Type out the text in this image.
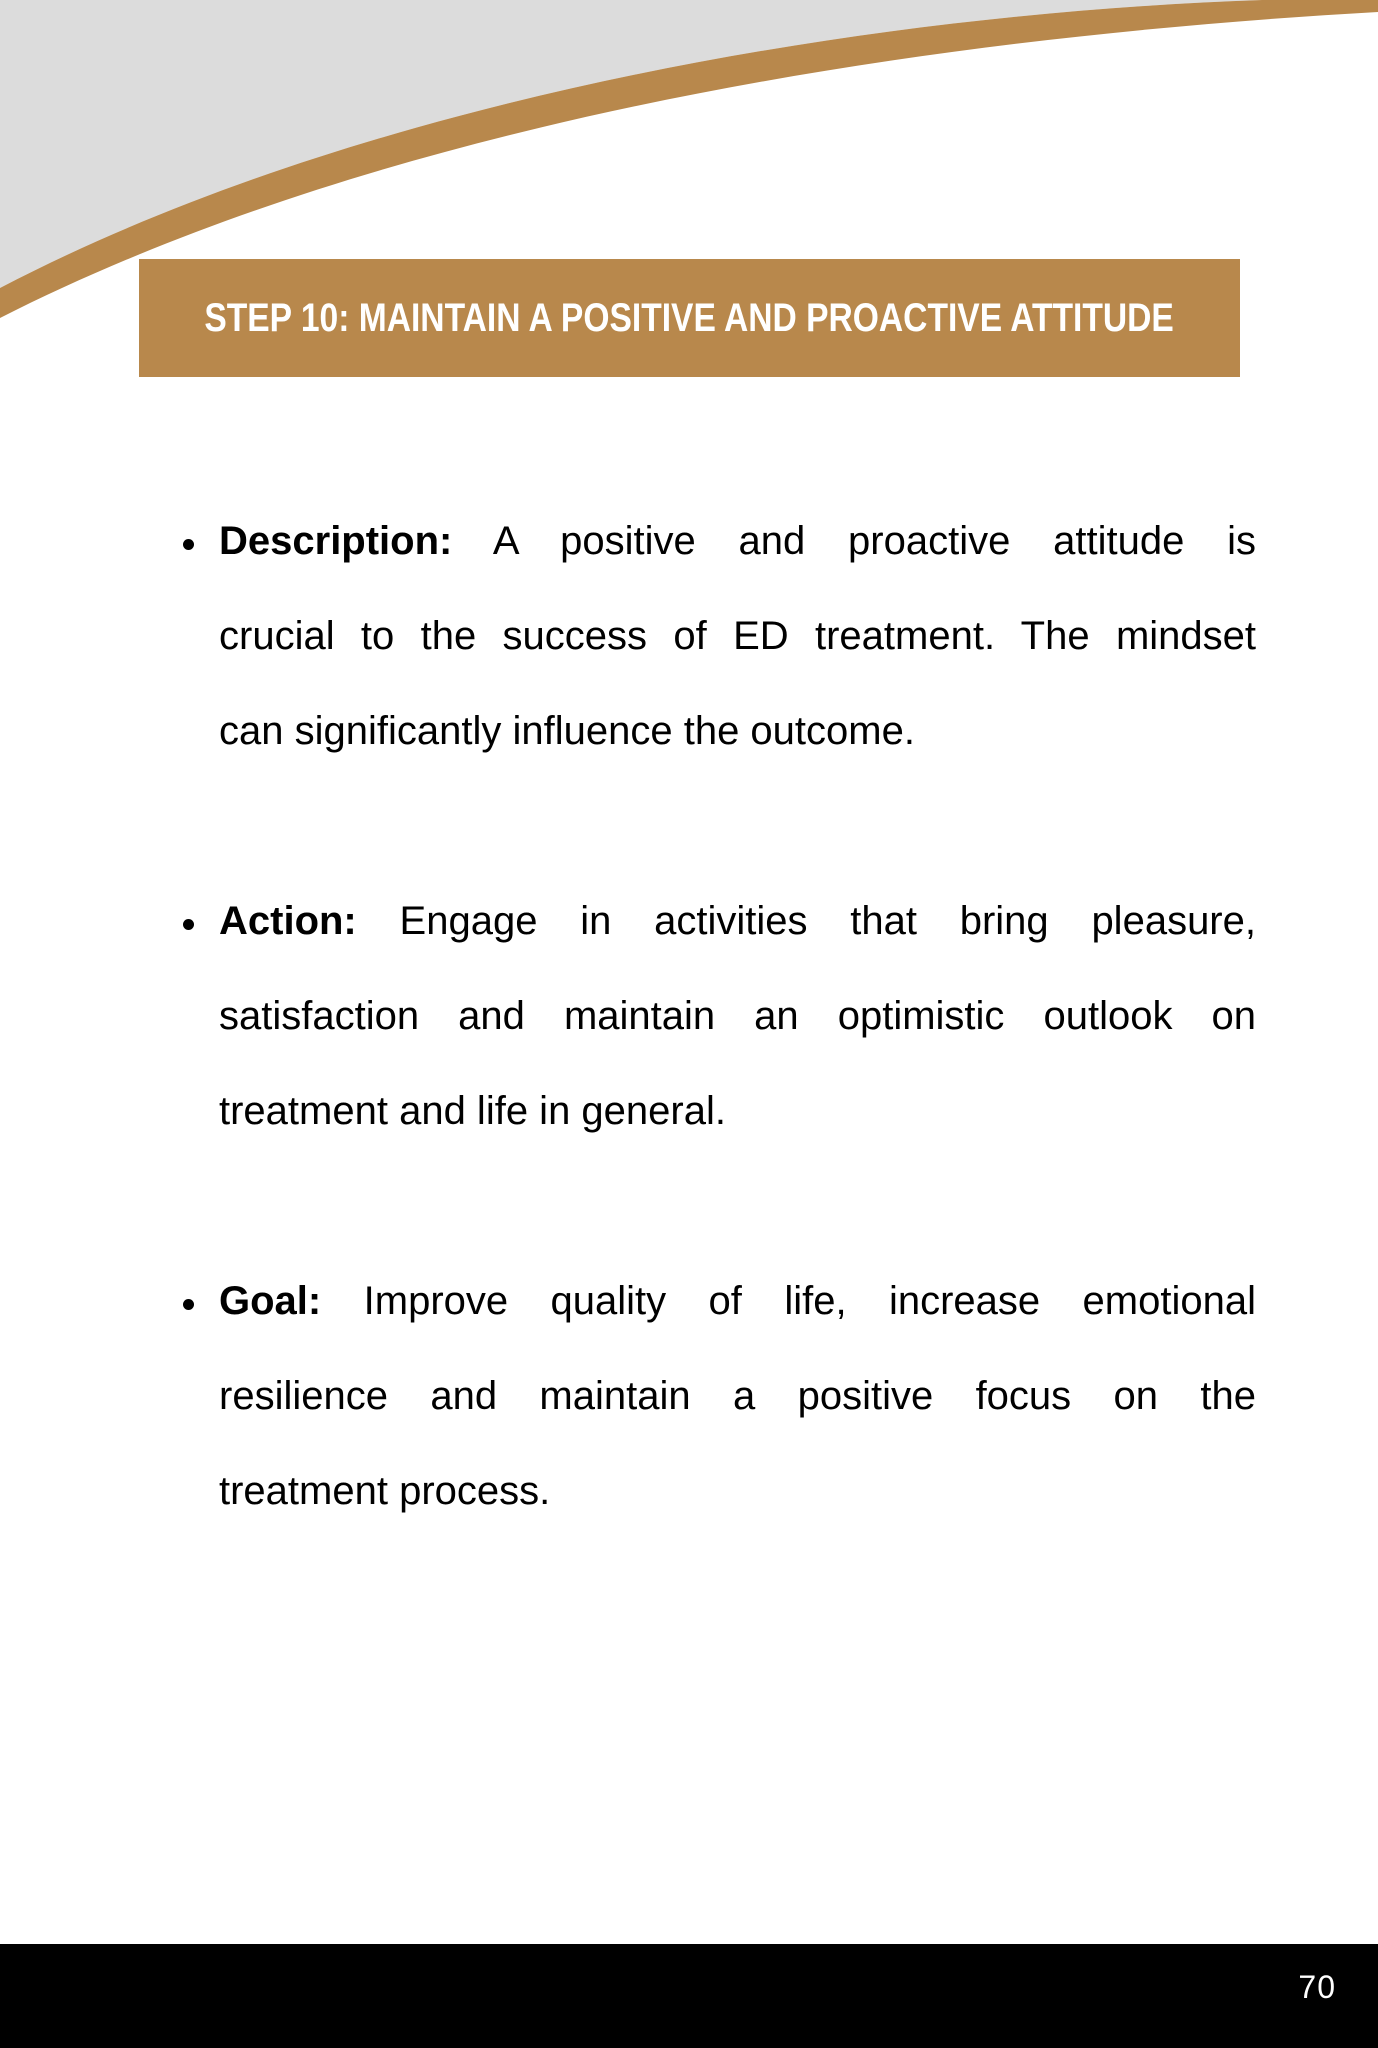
STEP 10: MAINTAIN A POSITIVE AND PROACTIVE ATTITUDE
Description: A positive and proactive attitude is
crucial to the success of ED treatment. The mindset
can significantly influence the outcome.
Action: Engage in activities that bring pleasure,
satisfaction and maintain an optimistic outlook on
treatment and life in general.
Goal: Improve quality of life, increase emotional
resilience and maintain a positive focus on the
treatment process.
70
